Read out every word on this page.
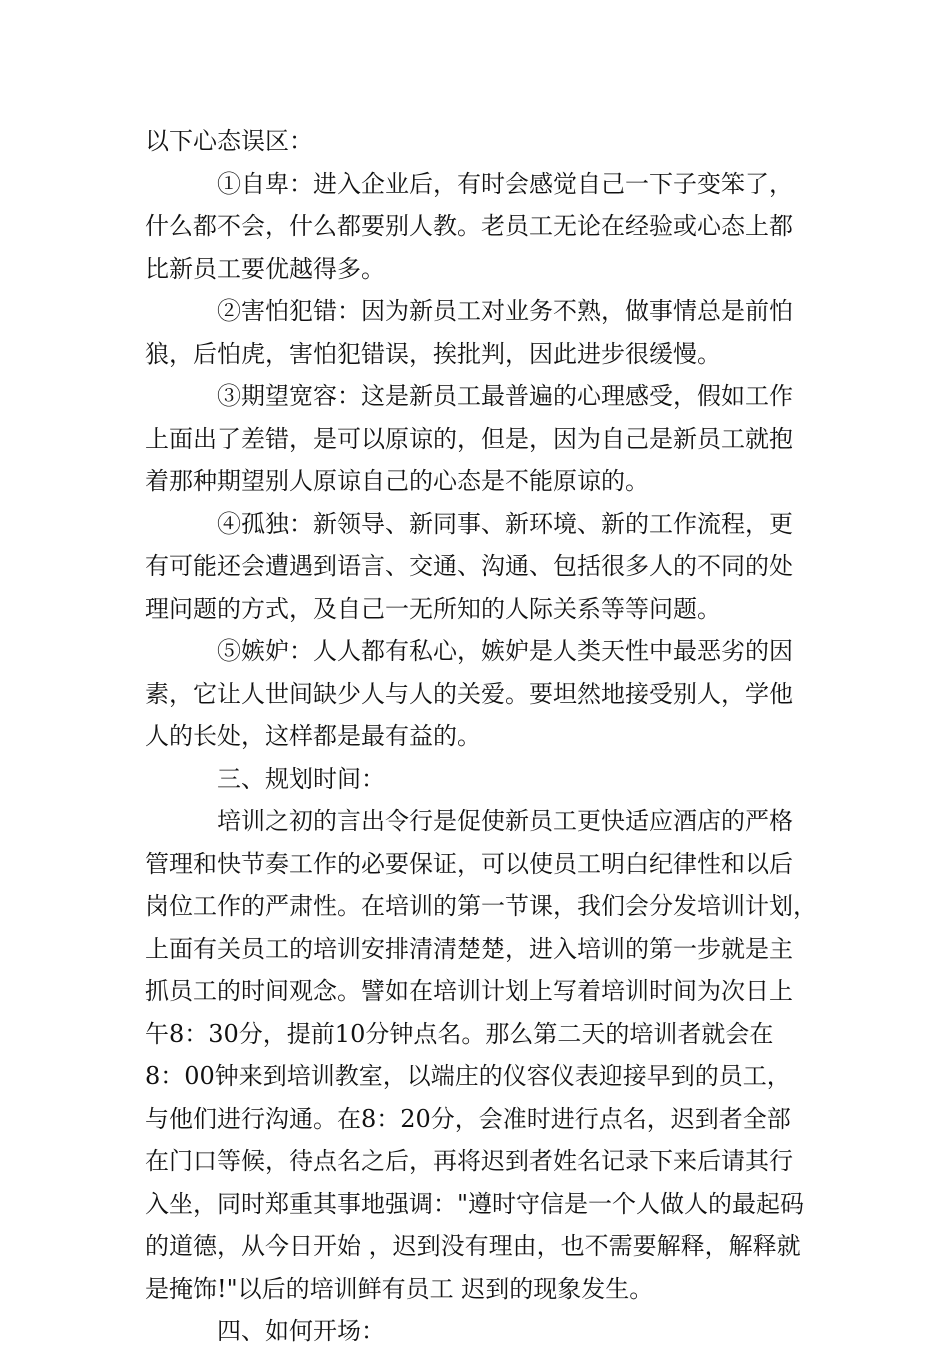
以下心态误区：
①自卑：进入企业后，有时会感觉自己一下子变笨了，
什么都不会，什么都要别人教。老员工无论在经验或心态上都
比新员工要优越得多。
②害怕犯错：因为新员工对业务不熟，做事情总是前怕
狼，后怕虎，害怕犯错误，挨批判，因此进步很缓慢。
③期望宽容：这是新员工最普遍的心理感受，假如工作
上面出了差错，是可以原谅的，但是，因为自己是新员工就抱
着那种期望别人原谅自己的心态是不能原谅的。
④孤独：新领导、新同事、新环境、新的工作流程，更
有可能还会遭遇到语言、交通、沟通、包括很多人的不同的处
理问题的方式，及自己一无所知的人际关系等等问题。
⑤嫉妒：人人都有私心，嫉妒是人类天性中最恶劣的因
素，它让人世间缺少人与人的关爱。要坦然地接受别人，学他
人的长处，这样都是最有益的。
三、规划时间：
培训之初的言出令行是促使新员工更快适应酒店的严格
管理和快节奏工作的必要保证，可以使员工明白纪律性和以后
岗位工作的严肃性。在培训的第一节课，我们会分发培训计划，
上面有关员工的培训安排清清楚楚，进入培训的第一步就是主
抓员工的时间观念。譬如在培训计划上写着培训时间为次日上
午8：30分，提前10分钟点名。那么第二天的培训者就会在
8：00钟来到培训教室，以端庄的仪容仪表迎接早到的员工，
与他们进行沟通。在8：20分，会准时进行点名，迟到者全部
在门口等候，待点名之后，再将迟到者姓名记录下来后请其行
入坐，同时郑重其事地强调："遵时守信是一个人做人的最起码
的道德，从今日开始 ，迟到没有理由，也不需要解释，解释就
是掩饰!"以后的培训鲜有员工 迟到的现象发生。
四、如何开场：
